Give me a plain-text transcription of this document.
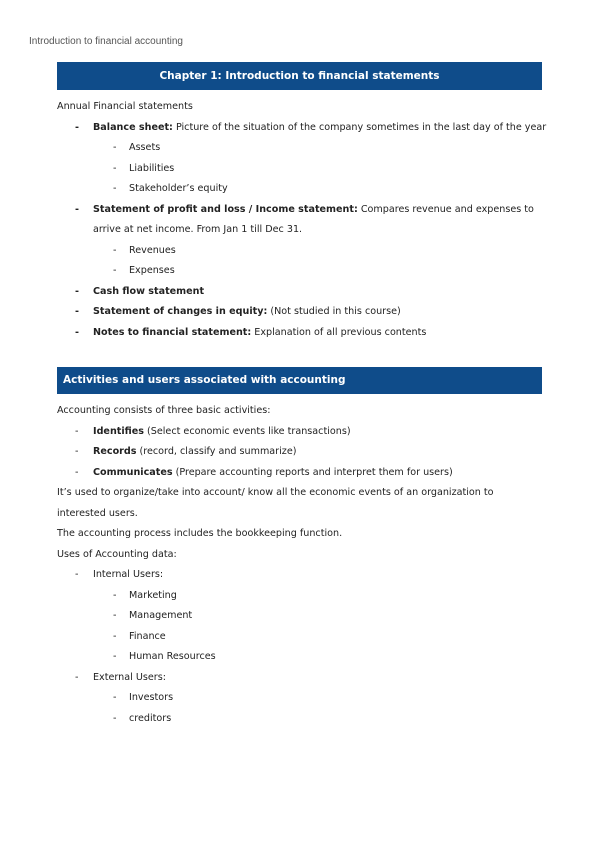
Introduction to financial accounting
Chapter 1: Introduction to financial statements
Annual Financial statements
- Balance sheet: Picture of the situation of the company sometimes in the last day of the year
- Assets
- Liabilities
- Stakeholder’s equity
- Statement of profit and loss / Income statement: Compares revenue and expenses to arrive at net income. From Jan 1 till Dec 31.
- Revenues
- Expenses
- Cash flow statement
- Statement of changes in equity: (Not studied in this course)
- Notes to financial statement: Explanation of all previous contents
Activities and users associated with accounting
Accounting consists of three basic activities:
- Identifies (Select economic events like transactions)
- Records (record, classify and summarize)
- Communicates (Prepare accounting reports and interpret them for users)
It’s used to organize/take into account/ know all the economic events of an organization to interested users.
The accounting process includes the bookkeeping function.
Uses of Accounting data:
- Internal Users:
- Marketing
- Management
- Finance
- Human Resources
- External Users:
- Investors
- creditors
